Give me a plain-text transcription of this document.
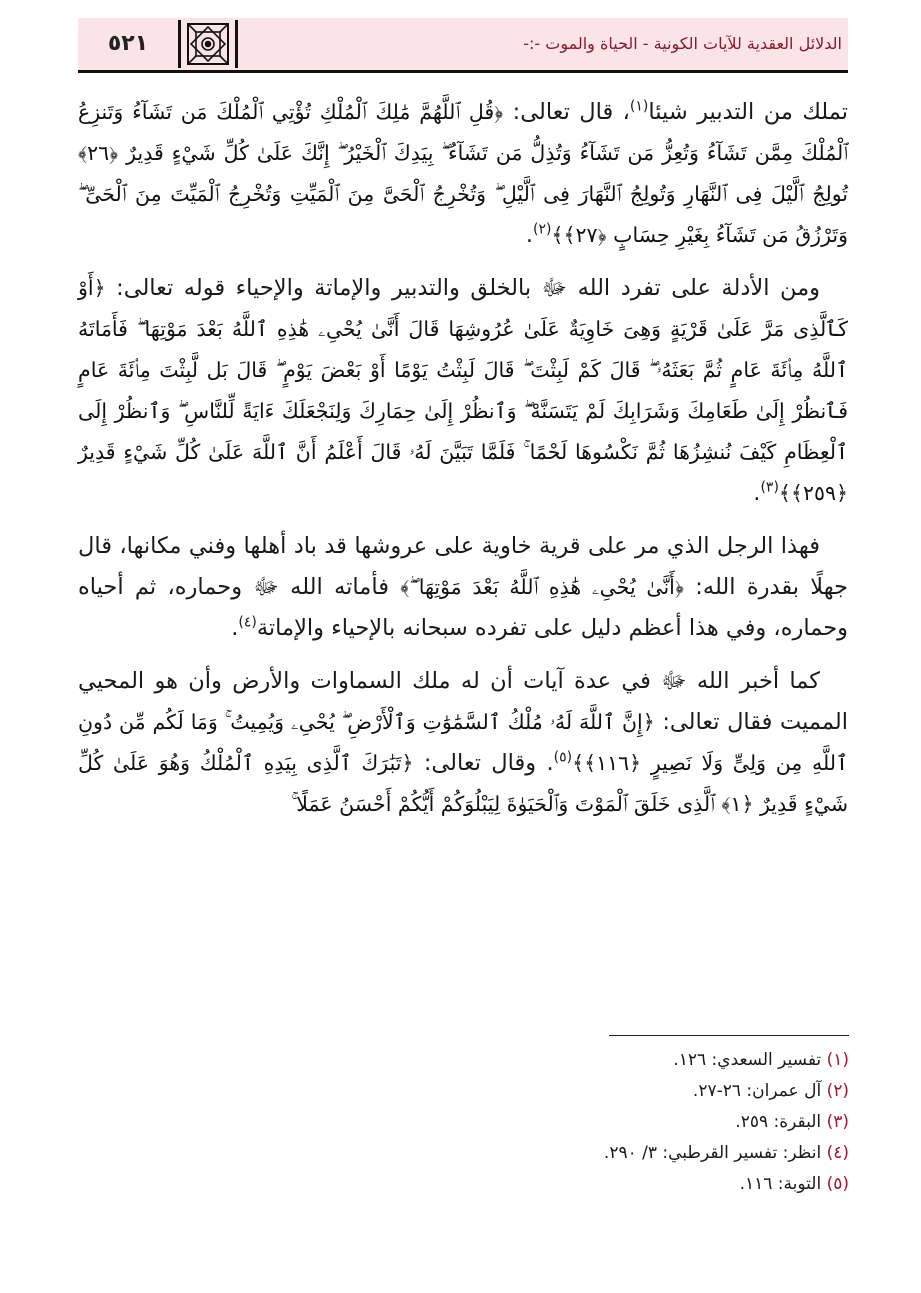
٥٢١	الدلائل العقدية للآيات الكونية - الحياة والموت -:-

تملك من التدبير شيئا$^{(١)}$، قال تعالى: ﴿قُلِ ٱللَّهُمَّ مَٰلِكَ ٱلْمُلْكِ تُؤْتِي ٱلْمُلْكَ مَن تَشَآءُ وَتَنزِعُ ٱلْمُلْكَ مِمَّن تَشَآءُ وَتُعِزُّ مَن تَشَآءُ وَتُذِلُّ مَن تَشَآءُ ۖ بِيَدِكَ ٱلْخَيْرُ ۖ إِنَّكَ عَلَىٰ كُلِّ شَيْءٍ قَدِيرٌ ﴿٢٦﴾ تُولِجُ ٱلَّيْلَ فِى ٱلنَّهَارِ وَتُولِجُ ٱلنَّهَارَ فِى ٱلَّيْلِ ۖ وَتُخْرِجُ ٱلْحَىَّ مِنَ ٱلْمَيِّتِ وَتُخْرِجُ ٱلْمَيِّتَ مِنَ ٱلْحَىِّ ۖ وَتَرْزُقُ مَن تَشَآءُ بِغَيْرِ حِسَابٍ ﴿٢٧﴾﴾$^{(٢)}$.

ومن الأدلة على تفرد الله ﷻ بالخلق والتدبير والإماتة والإحياء قوله تعالى: ﴿أَوْ كَٱلَّذِى مَرَّ عَلَىٰ قَرْيَةٍ وَهِىَ خَاوِيَةٌ عَلَىٰ عُرُوشِهَا قَالَ أَنَّىٰ يُحْىِۦ هَٰذِهِ ٱللَّهُ بَعْدَ مَوْتِهَا ۖ فَأَمَاتَهُ ٱللَّهُ مِا۟ئَةَ عَامٍ ثُمَّ بَعَثَهُۥ ۖ قَالَ كَمْ لَبِثْتَ ۖ قَالَ لَبِثْتُ يَوْمًا أَوْ بَعْضَ يَوْمٍ ۖ قَالَ بَل لَّبِثْتَ مِا۟ئَةَ عَامٍ فَٱنظُرْ إِلَىٰ طَعَامِكَ وَشَرَابِكَ لَمْ يَتَسَنَّهْ ۖ وَٱنظُرْ إِلَىٰ حِمَارِكَ وَلِنَجْعَلَكَ ءَايَةً لِّلنَّاسِ ۖ وَٱنظُرْ إِلَى ٱلْعِظَامِ كَيْفَ نُنشِزُهَا ثُمَّ نَكْسُوهَا لَحْمًا ۚ فَلَمَّا تَبَيَّنَ لَهُۥ قَالَ أَعْلَمُ أَنَّ ٱللَّهَ عَلَىٰ كُلِّ شَيْءٍ قَدِيرٌ ﴿٢٥٩﴾﴾$^{(٣)}$.

فهذا الرجل الذي مر على قرية خاوية على عروشها قد باد أهلها وفني مكانها، قال جهلًا بقدرة الله: ﴿أَنَّىٰ يُحْىِۦ هَٰذِهِ ٱللَّهُ بَعْدَ مَوْتِهَا ۖ﴾ فأماته الله ﷻ وحماره، ثم أحياه وحماره، وفي هذا أعظم دليل على تفرده سبحانه بالإحياء والإماتة$^{(٤)}$.

كما أخبر الله ﷻ في عدة آيات أن له ملك السماوات والأرض وأن هو المحيي المميت فقال تعالى: ﴿إِنَّ ٱللَّهَ لَهُۥ مُلْكُ ٱلسَّمَٰوَٰتِ وَٱلْأَرْضِ ۖ يُحْىِۦ وَيُمِيتُ ۚ وَمَا لَكُم مِّن دُونِ ٱللَّهِ مِن وَلِىٍّ وَلَا نَصِيرٍ ﴿١١٦﴾﴾$^{(٥)}$. وقال تعالى: ﴿تَبَٰرَكَ ٱلَّذِى بِيَدِهِ ٱلْمُلْكُ وَهُوَ عَلَىٰ كُلِّ شَيْءٍ قَدِيرٌ ﴿١﴾ ٱلَّذِى خَلَقَ ٱلْمَوْتَ وَٱلْحَيَوٰةَ لِيَبْلُوَكُمْ أَيُّكُمْ أَحْسَنُ عَمَلًا ۚ

(١) تفسير السعدي: ١٢٦.
(٢) آل عمران: ٢٦-٢٧.
(٣) البقرة: ٢٥٩.
(٤) انظر: تفسير القرطبي: ٣/ ٢٩٠.
(٥) التوبة: ١١٦.
